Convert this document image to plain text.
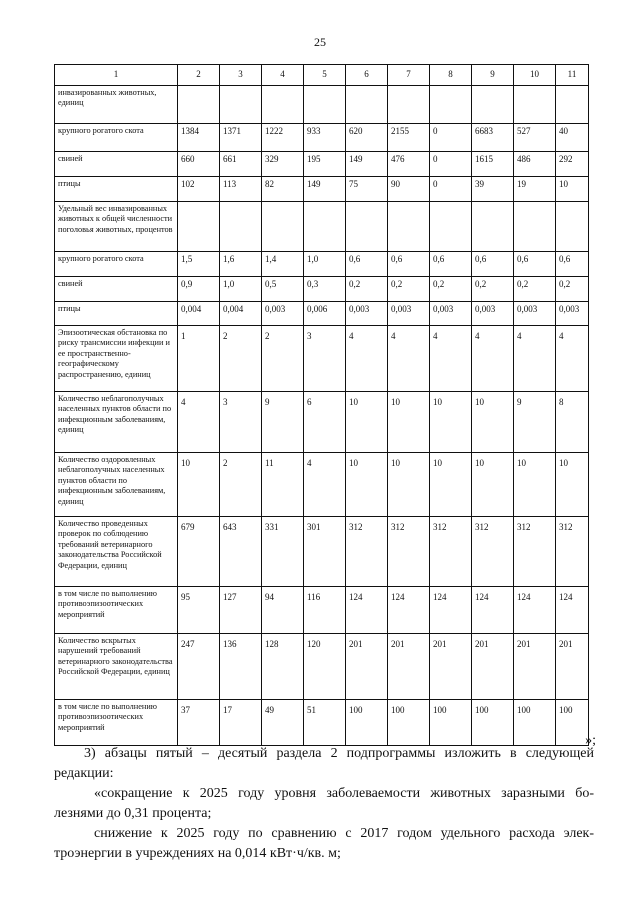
25
1	2	3	4	5	6	7	8	9	10	11
инвазированных животных, единиц										
крупного рогатого скота	1384	1371	1222	933	620	2155	0	6683	527	40
свиней	660	661	329	195	149	476	0	1615	486	292
птицы	102	113	82	149	75	90	0	39	19	10
Удельный вес инвазированных животных к общей численности поголовья животных, процентов										
крупного рогатого скота	1,5	1,6	1,4	1,0	0,6	0,6	0,6	0,6	0,6	0,6
свиней	0,9	1,0	0,5	0,3	0,2	0,2	0,2	0,2	0,2	0,2
птицы	0,004	0,004	0,003	0,006	0,003	0,003	0,003	0,003	0,003	0,003
Эпизоотическая обстановка по риску трансмиссии инфекции и ее пространственно-географическому распространению, единиц	1	2	2	3	4	4	4	4	4	4
Количество неблагополучных населенных пунктов области по инфекционным заболеваниям, единиц	4	3	9	6	10	10	10	10	9	8
Количество оздоровленных неблагополучных населенных пунктов области по инфекционным заболеваниям, единиц	10	2	11	4	10	10	10	10	10	10
Количество проведенных проверок по соблюдению требований ветеринарного законодательства Российской Федерации, единиц	679	643	331	301	312	312	312	312	312	312
в том числе по выполнению противоэпизоотических мероприятий	95	127	94	116	124	124	124	124	124	124
Количество вскрытых нарушений требований ветеринарного законодательства Российской Федерации, единиц	247	136	128	120	201	201	201	201	201	201
в том числе по выполнению противоэпизоотических мероприятий	37	17	49	51	100	100	100	100	100	100
»;

3) абзацы пятый – десятый раздела 2 подпрограммы изложить в следующей
редакции:

«сокращение к 2025 году уровня заболеваемости животных заразными бо-
лезнями до 0,31 процента;

снижение к 2025 году по сравнению с 2017 годом удельного расхода элек-
троэнергии в учреждениях на 0,014 кВт·ч/кв. м;
